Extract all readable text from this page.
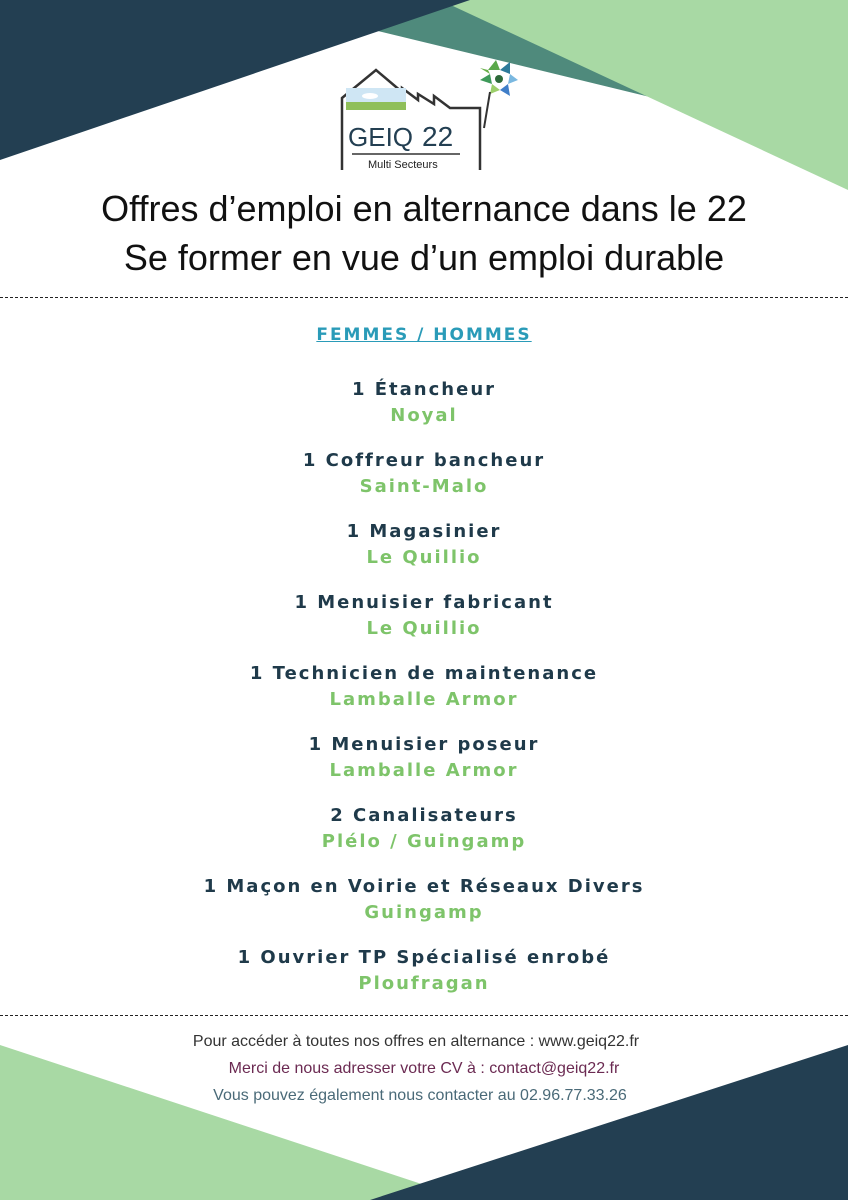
GEIQ 22
Multi Secteurs
Offres d’emploi en alternance dans le 22
Se former en vue d’un emploi durable
FEMMES / HOMMES
1 Étancheur
Noyal
1 Coffreur bancheur
Saint-Malo
1 Magasinier
Le Quillio
1 Menuisier fabricant
Le Quillio
1 Technicien de maintenance
Lamballe Armor
1 Menuisier poseur
Lamballe Armor
2 Canalisateurs
Plélo / Guingamp
1 Maçon en Voirie et Réseaux Divers
Guingamp
1 Ouvrier TP Spécialisé enrobé
Ploufragan
Pour accéder à toutes nos offres en alternance : www.geiq22.fr
Merci de nous adresser votre CV à : contact@geiq22.fr
Vous pouvez également nous contacter au 02.96.77.33.26
